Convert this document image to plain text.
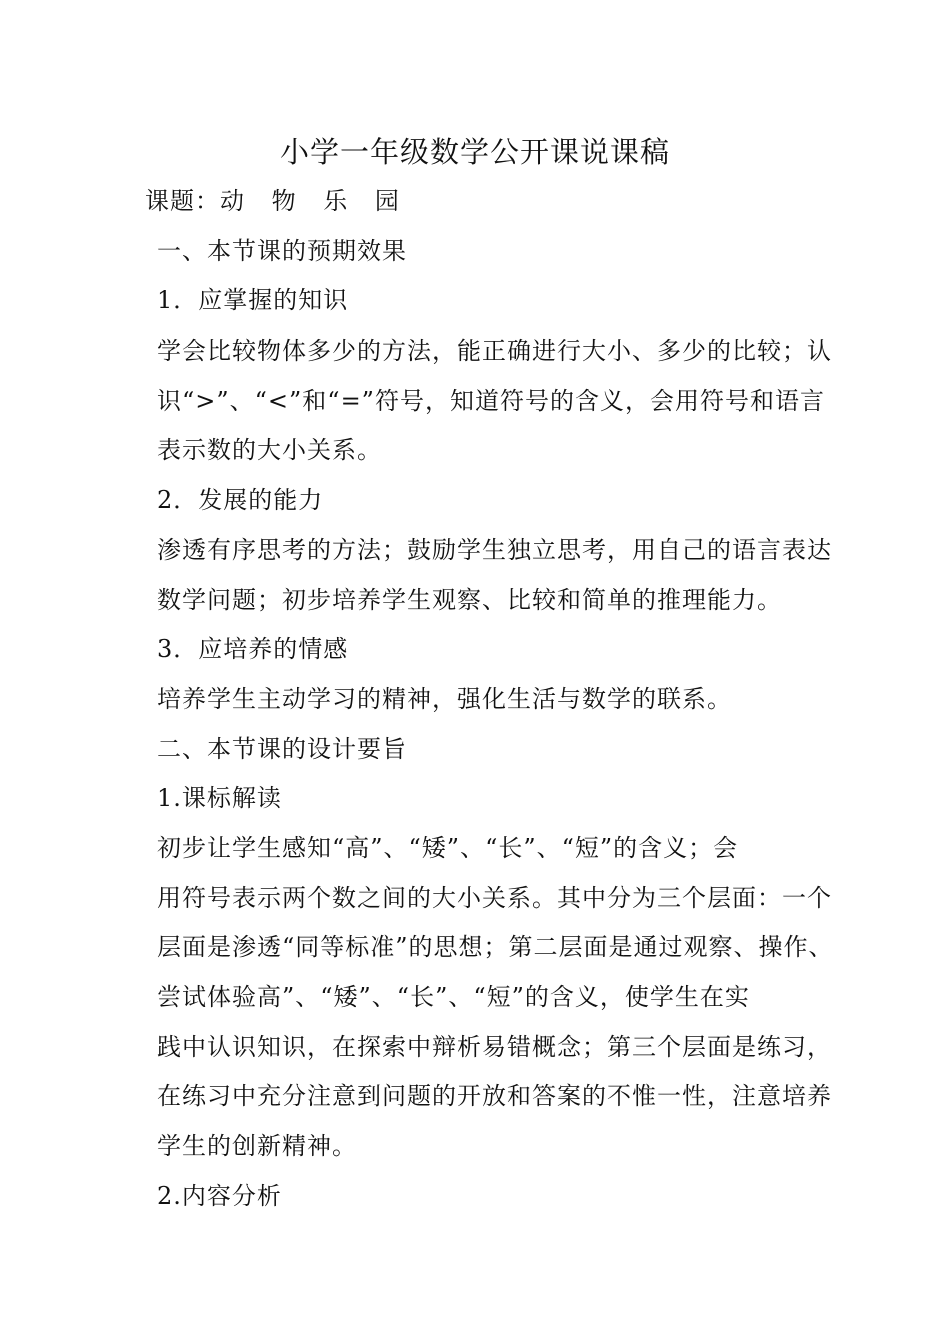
小学一年级数学公开课说课稿
课题：动 物 乐 园
一、本节课的预期效果
1．应掌握的知识
学会比较物体多少的方法，能正确进行大小、多少的比较；认
识“>”、“<”和“=”符号，知道符号的含义，会用符号和语言
表示数的大小关系。
2．发展的能力
渗透有序思考的方法；鼓励学生独立思考，用自己的语言表达
数学问题；初步培养学生观察、比较和简单的推理能力。
3．应培养的情感
培养学生主动学习的精神，强化生活与数学的联系。
二、本节课的设计要旨
1.课标解读
初步让学生感知“高”、“矮”、“长”、“短”的含义；会
用符号表示两个数之间的大小关系。其中分为三个层面：一个
层面是渗透“同等标准”的思想；第二层面是通过观察、操作、
尝试体验高”、“矮”、“长”、“短”的含义，使学生在实
践中认识知识，在探索中辩析易错概念；第三个层面是练习，
在练习中充分注意到问题的开放和答案的不惟一性，注意培养
学生的创新精神。
2.内容分析
